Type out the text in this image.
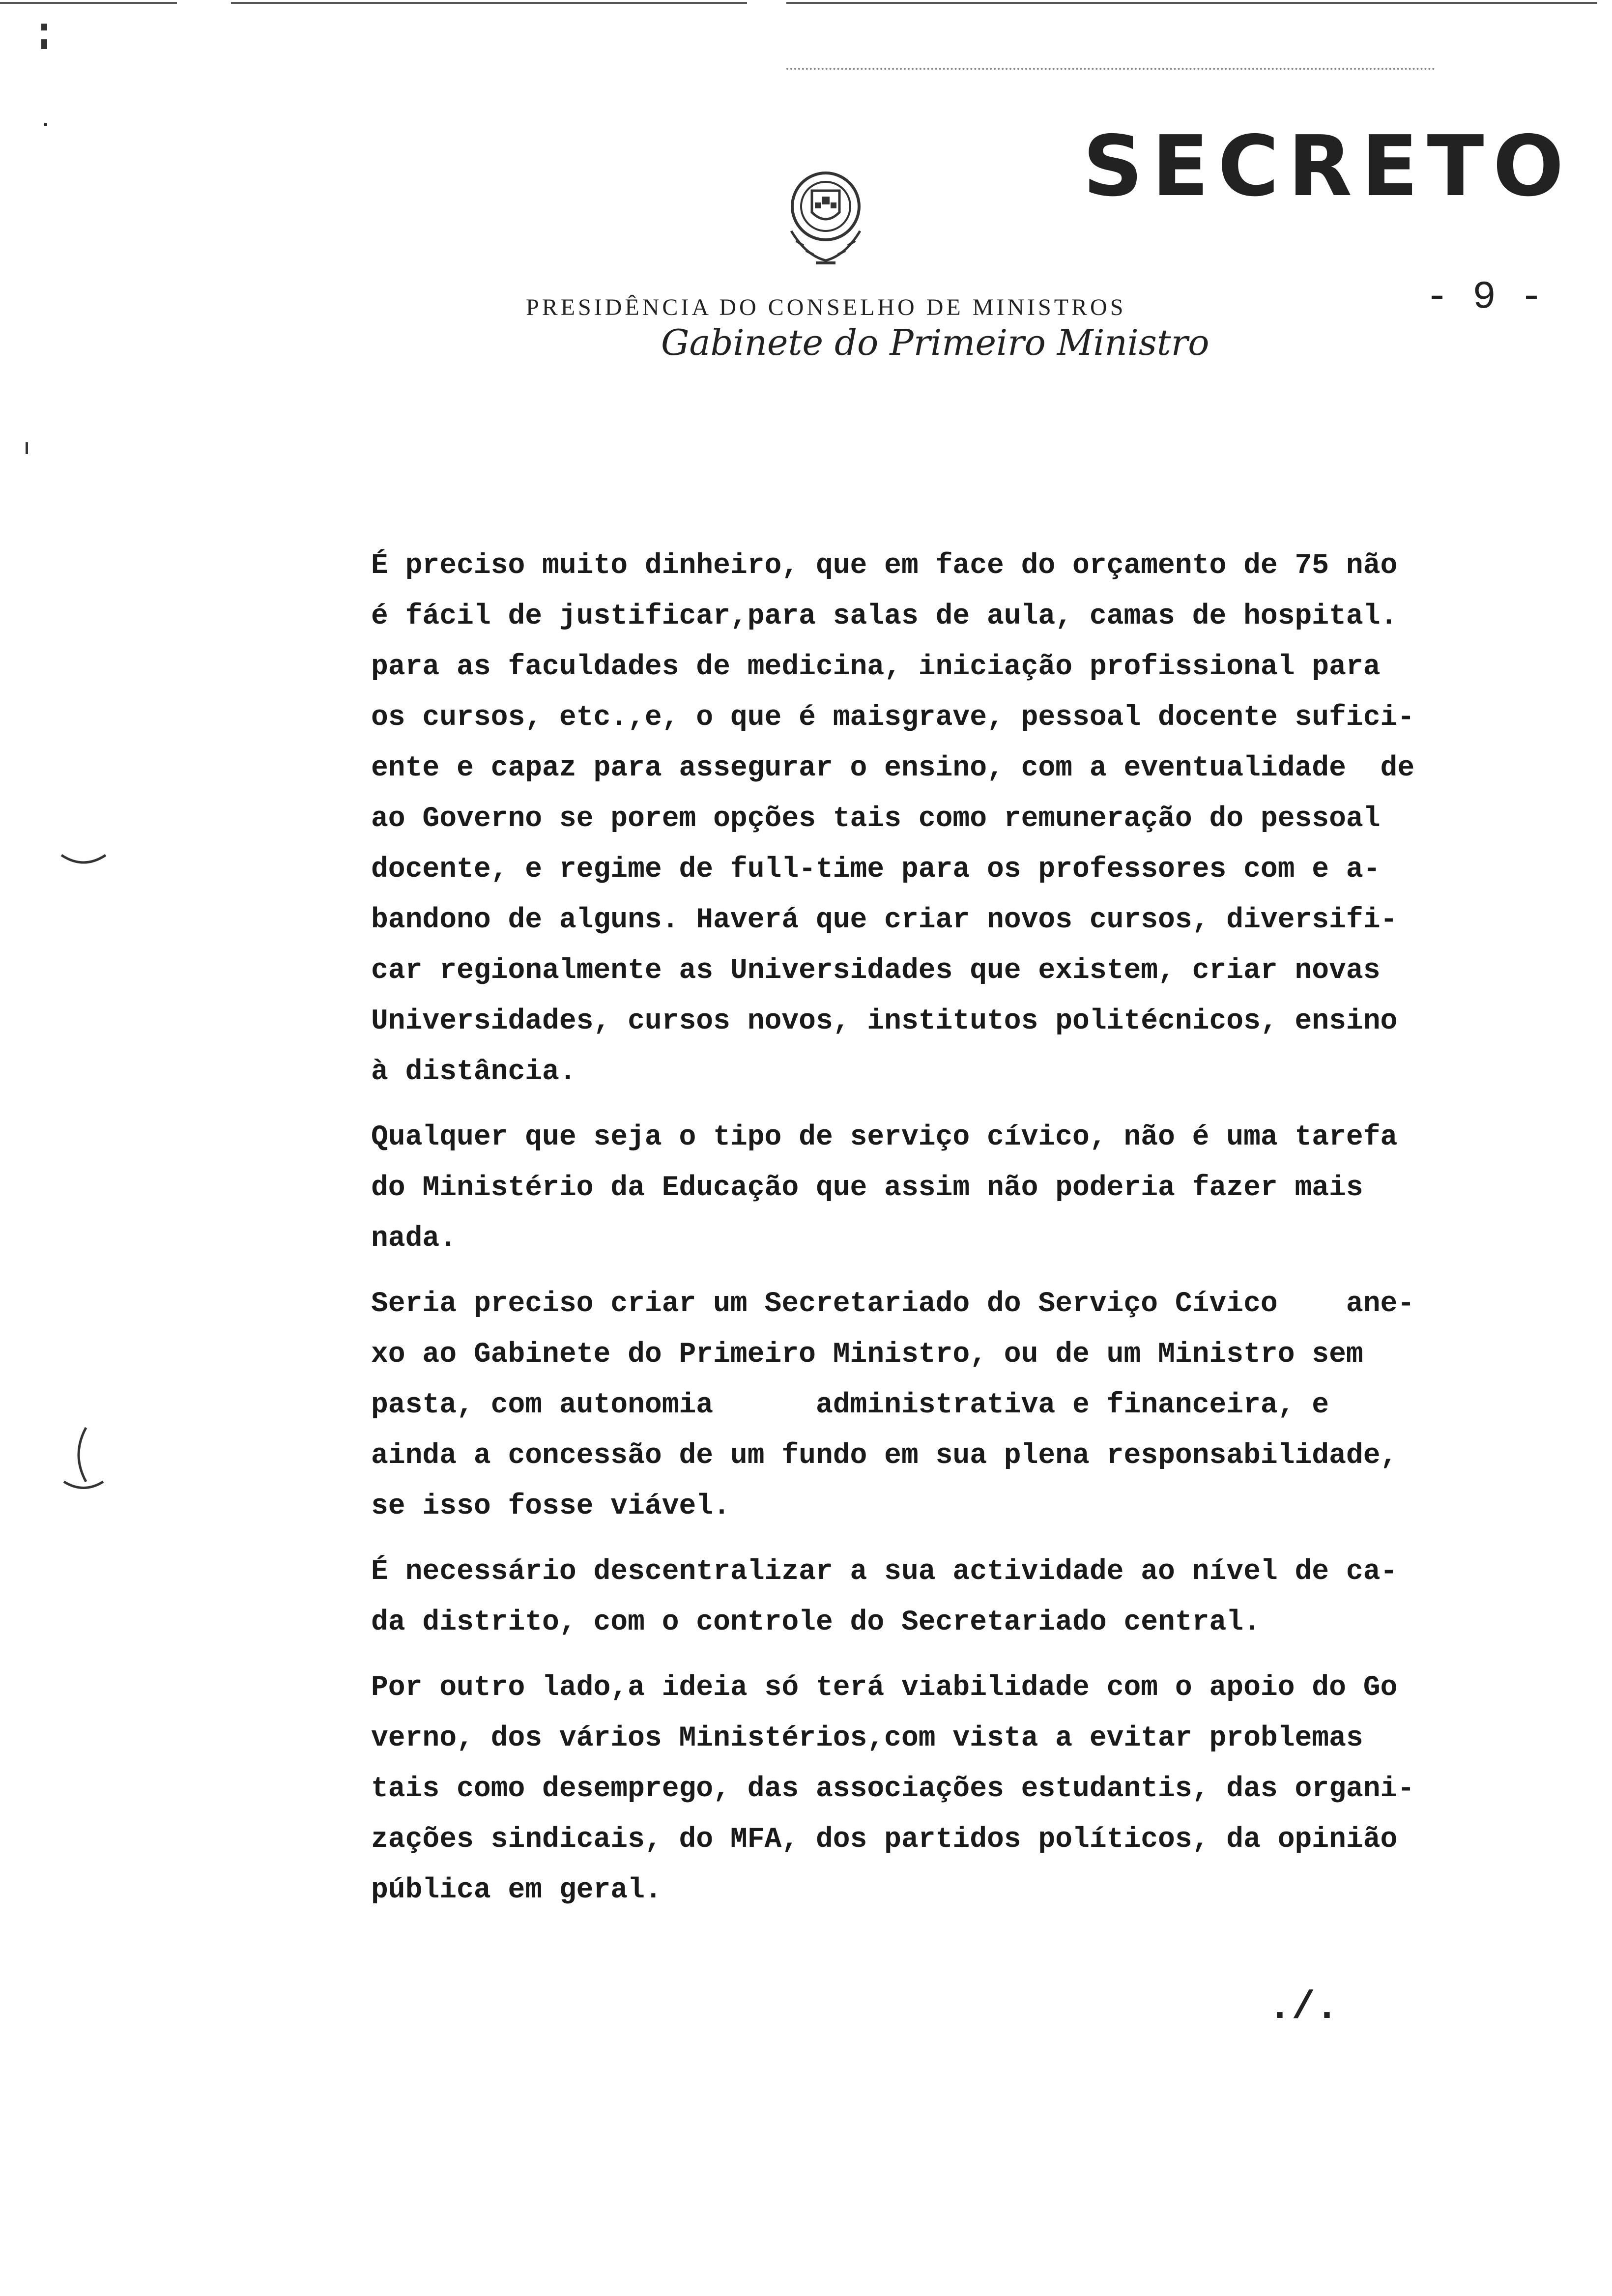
SECRETO
- 9 -
PRESIDÊNCIA DO CONSELHO DE MINISTROS
Gabinete do Primeiro Ministro

É preciso muito dinheiro, que em face do orçamento de 75 não
é fácil de justificar,para salas de aula, camas de hospital.
para as faculdades de medicina, iniciação profissional para
os cursos, etc.,e, o que é maisgrave, pessoal docente sufici-
ente e capaz para assegurar o ensino, com a eventualidade  de
ao Governo se porem opções tais como remuneração do pessoal
docente, e regime de full-time para os professores com e a-
bandono de alguns. Haverá que criar novos cursos, diversifi-
car regionalmente as Universidades que existem, criar novas
Universidades, cursos novos, institutos politécnicos, ensino
à distância.

Qualquer que seja o tipo de serviço cívico, não é uma tarefa
do Ministério da Educação que assim não poderia fazer mais
nada.

Seria preciso criar um Secretariado do Serviço Cívico    ane-
xo ao Gabinete do Primeiro Ministro, ou de um Ministro sem
pasta, com autonomia      administrativa e financeira, e
ainda a concessão de um fundo em sua plena responsabilidade,
se isso fosse viável.

É necessário descentralizar a sua actividade ao nível de ca-
da distrito, com o controle do Secretariado central.

Por outro lado,a ideia só terá viabilidade com o apoio do Go
verno, dos vários Ministérios,com vista a evitar problemas
tais como desemprego, das associações estudantis, das organi-
zações sindicais, do MFA, dos partidos políticos, da opinião
pública em geral.

./.
